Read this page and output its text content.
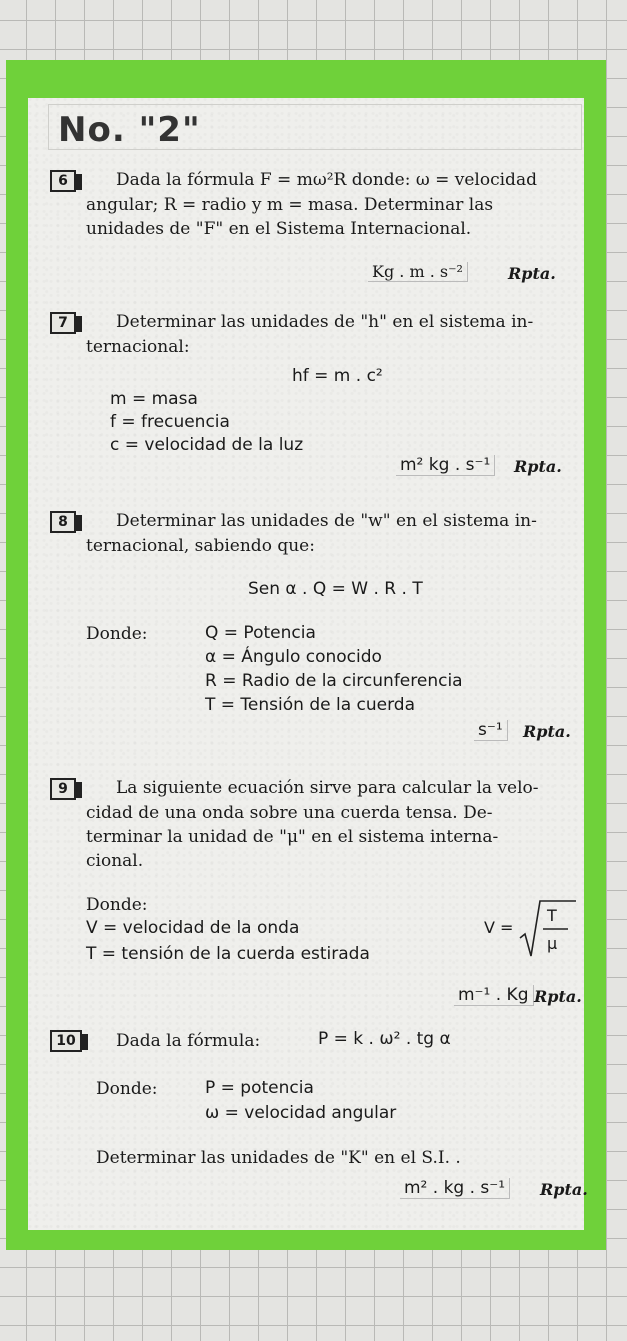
No. "2"
6	Dada la fórmula F = mω²R donde: ω = velocidad
angular; R = radio y m = masa. Determinar las
unidades de "F" en el Sistema Internacional.
Kg . m . s⁻²	Rpta.
7	Determinar las unidades de "h" en el sistema in-
ternacional:
hf = m . c²
m = masa
f = frecuencia
c = velocidad de la luz
m² kg . s⁻¹	Rpta.
8	Determinar las unidades de "w" en el sistema in-
ternacional, sabiendo que:
Sen α . Q = W . R . T
Donde:	Q = Potencia
α = Ángulo conocido
R = Radio de la circunferencia
T = Tensión de la cuerda
s⁻¹	Rpta.
9	La siguiente ecuación sirve para calcular la velo-
cidad de una onda sobre una cuerda tensa. De-
terminar la unidad de "μ" en el sistema interna-
cional.
Donde:
V = velocidad de la onda
T = tensión de la cuerda estirada
V =
T
μ
m⁻¹ . Kg Rpta.
10	Dada la fórmula:	P = k . ω² . tg α
Donde:	P = potencia
ω = velocidad angular
Determinar las unidades de "K" en el S.I. .
m² . kg . s⁻¹	Rpta.
